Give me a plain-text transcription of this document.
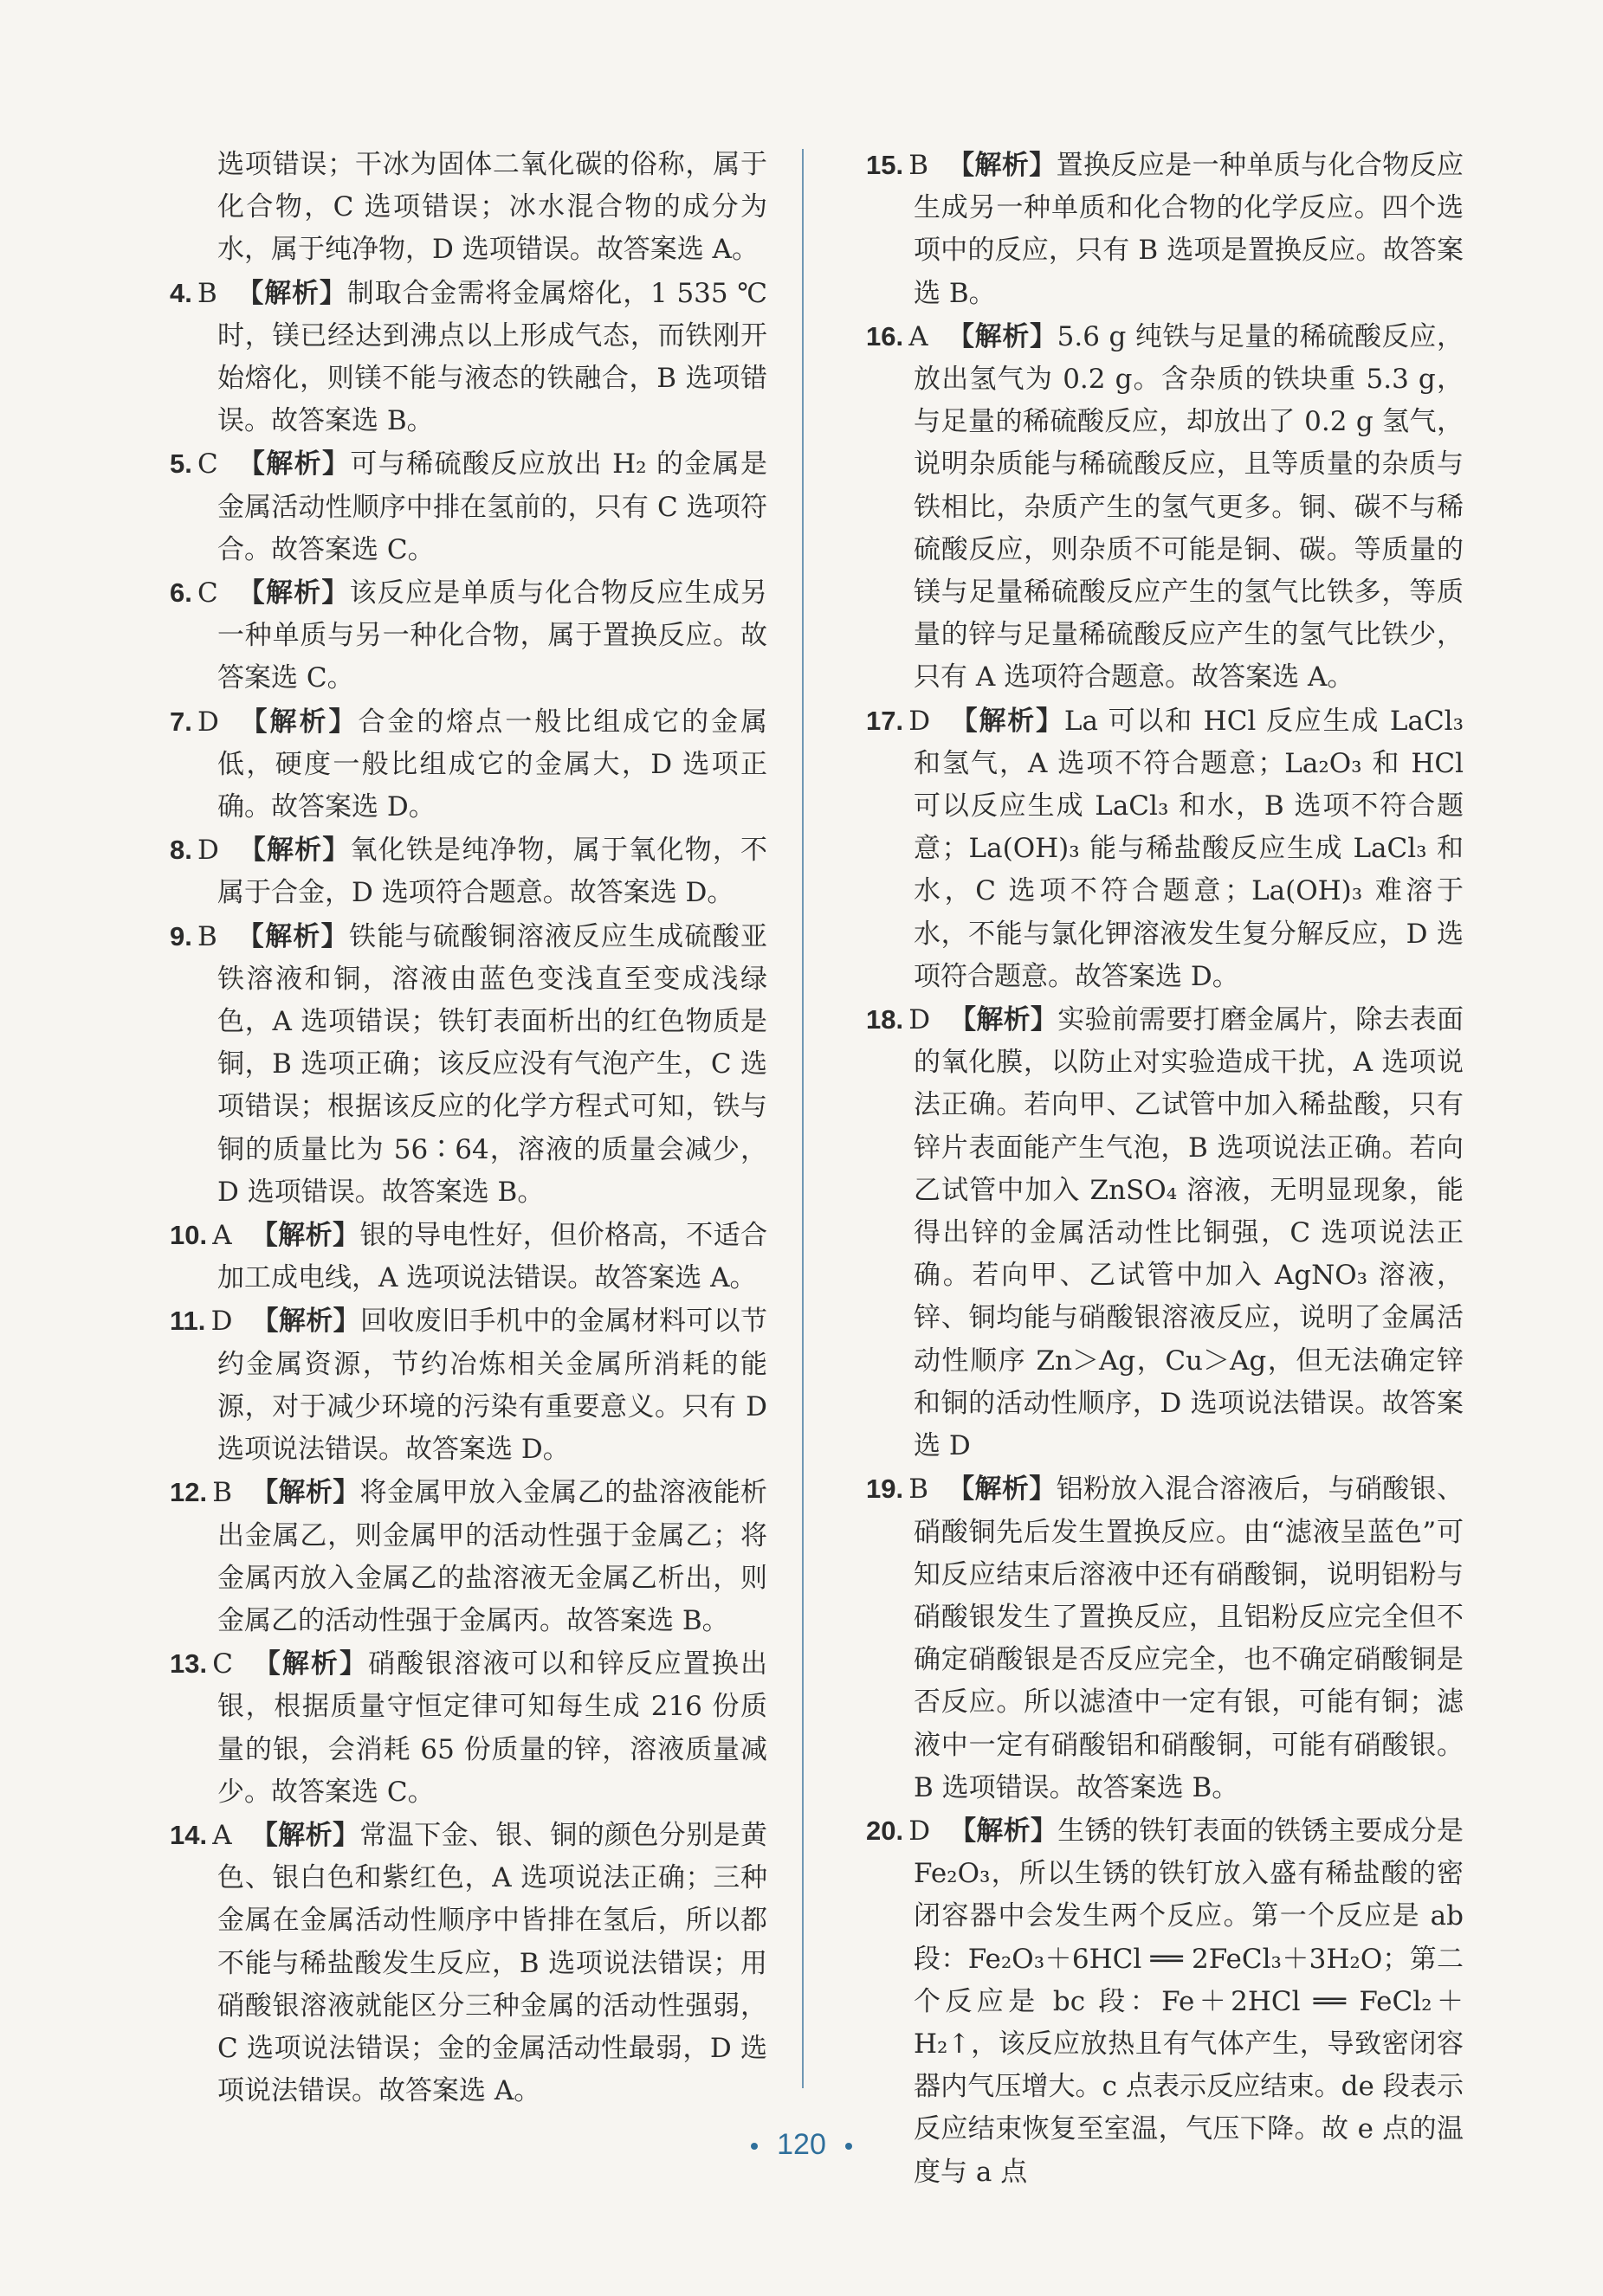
选项错误；干冰为固体二氧化碳的俗称，属于化合物，C 选项错误；冰水混合物的成分为水，属于纯净物，D 选项错误。故答案选 A。

4. B 【解析】制取合金需将金属熔化，1 535 ℃时，镁已经达到沸点以上形成气态，而铁刚开始熔化，则镁不能与液态的铁融合，B 选项错误。故答案选 B。

5. C 【解析】可与稀硫酸反应放出 H₂ 的金属是金属活动性顺序中排在氢前的，只有 C 选项符合。故答案选 C。

6. C 【解析】该反应是单质与化合物反应生成另一种单质与另一种化合物，属于置换反应。故答案选 C。

7. D 【解析】合金的熔点一般比组成它的金属低，硬度一般比组成它的金属大，D 选项正确。故答案选 D。

8. D 【解析】氧化铁是纯净物，属于氧化物，不属于合金，D 选项符合题意。故答案选 D。

9. B 【解析】铁能与硫酸铜溶液反应生成硫酸亚铁溶液和铜，溶液由蓝色变浅直至变成浅绿色，A 选项错误；铁钉表面析出的红色物质是铜，B 选项正确；该反应没有气泡产生，C 选项错误；根据该反应的化学方程式可知，铁与铜的质量比为 56∶64，溶液的质量会减少，D 选项错误。故答案选 B。

10. A 【解析】银的导电性好，但价格高，不适合加工成电线，A 选项说法错误。故答案选 A。

11. D 【解析】回收废旧手机中的金属材料可以节约金属资源，节约冶炼相关金属所消耗的能源，对于减少环境的污染有重要意义。只有 D 选项说法错误。故答案选 D。

12. B 【解析】将金属甲放入金属乙的盐溶液能析出金属乙，则金属甲的活动性强于金属乙；将金属丙放入金属乙的盐溶液无金属乙析出，则金属乙的活动性强于金属丙。故答案选 B。

13. C 【解析】硝酸银溶液可以和锌反应置换出银，根据质量守恒定律可知每生成 216 份质量的银，会消耗 65 份质量的锌，溶液质量减少。故答案选 C。

14. A 【解析】常温下金、银、铜的颜色分别是黄色、银白色和紫红色，A 选项说法正确；三种金属在金属活动性顺序中皆排在氢后，所以都不能与稀盐酸发生反应，B 选项说法错误；用硝酸银溶液就能区分三种金属的活动性强弱，C 选项说法错误；金的金属活动性最弱，D 选项说法错误。故答案选 A。

15. B 【解析】置换反应是一种单质与化合物反应生成另一种单质和化合物的化学反应。四个选项中的反应，只有 B 选项是置换反应。故答案选 B。

16. A 【解析】5.6 g 纯铁与足量的稀硫酸反应，放出氢气为 0.2 g。含杂质的铁块重 5.3 g，与足量的稀硫酸反应，却放出了 0.2 g 氢气，说明杂质能与稀硫酸反应，且等质量的杂质与铁相比，杂质产生的氢气更多。铜、碳不与稀硫酸反应，则杂质不可能是铜、碳。等质量的镁与足量稀硫酸反应产生的氢气比铁多，等质量的锌与足量稀硫酸反应产生的氢气比铁少，只有 A 选项符合题意。故答案选 A。

17. D 【解析】La 可以和 HCl 反应生成 LaCl₃ 和氢气，A 选项不符合题意；La₂O₃ 和 HCl 可以反应生成 LaCl₃ 和水，B 选项不符合题意；La(OH)₃ 能与稀盐酸反应生成 LaCl₃ 和水，C 选项不符合题意；La(OH)₃ 难溶于水，不能与氯化钾溶液发生复分解反应，D 选项符合题意。故答案选 D。

18. D 【解析】实验前需要打磨金属片，除去表面的氧化膜，以防止对实验造成干扰，A 选项说法正确。若向甲、乙试管中加入稀盐酸，只有锌片表面能产生气泡，B 选项说法正确。若向乙试管中加入 ZnSO₄ 溶液，无明显现象，能得出锌的金属活动性比铜强，C 选项说法正确。若向甲、乙试管中加入 AgNO₃ 溶液，锌、铜均能与硝酸银溶液反应，说明了金属活动性顺序 Zn＞Ag，Cu＞Ag，但无法确定锌和铜的活动性顺序，D 选项说法错误。故答案选 D

19. B 【解析】铝粉放入混合溶液后，与硝酸银、硝酸铜先后发生置换反应。由“滤液呈蓝色”可知反应结束后溶液中还有硝酸铜，说明铝粉与硝酸银发生了置换反应，且铝粉反应完全但不确定硝酸银是否反应完全，也不确定硝酸铜是否反应。所以滤渣中一定有银，可能有铜；滤液中一定有硝酸铝和硝酸铜，可能有硝酸银。B 选项错误。故答案选 B。

20. D 【解析】生锈的铁钉表面的铁锈主要成分是 Fe₂O₃，所以生锈的铁钉放入盛有稀盐酸的密闭容器中会发生两个反应。第一个反应是 ab 段：Fe₂O₃＋6HCl ══ 2FeCl₃＋3H₂O；第二个反应是 bc 段：Fe＋2HCl ══ FeCl₂＋H₂↑，该反应放热且有气体产生，导致密闭容器内气压增大。c 点表示反应结束。de 段表示反应结束恢复至室温，气压下降。故 e 点的温度与 a 点

120
